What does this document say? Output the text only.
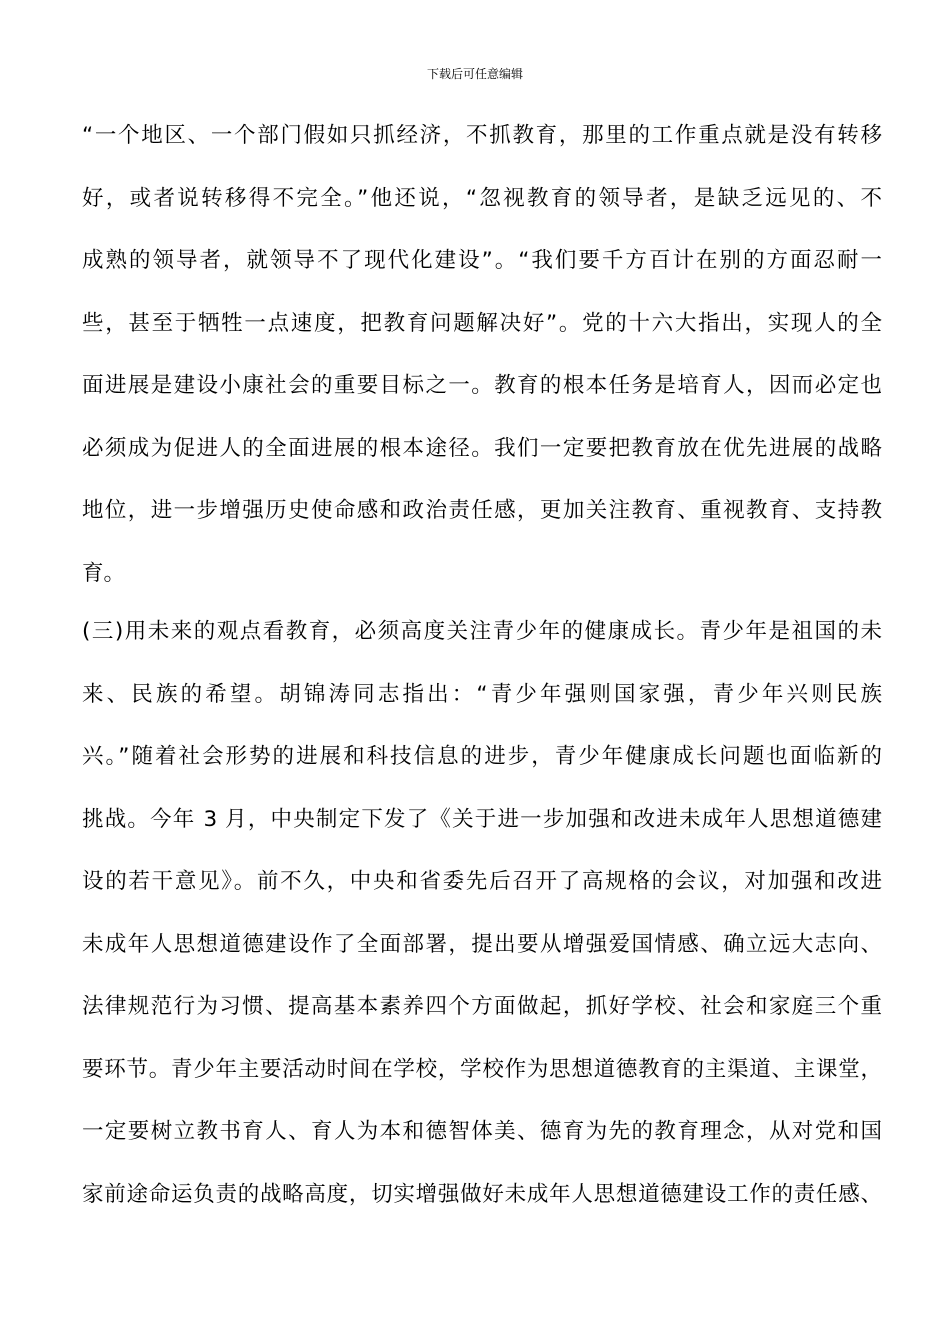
下载后可任意编辑
“一个地区、一个部门假如只抓经济，不抓教育，那里的工作重点就是没有转移
好，或者说转移得不完全。”他还说，“忽视教育的领导者，是缺乏远见的、不
成熟的领导者，就领导不了现代化建设”。“我们要千方百计在别的方面忍耐一
些，甚至于牺牲一点速度，把教育问题解决好”。党的十六大指出，实现人的全
面进展是建设小康社会的重要目标之一。教育的根本任务是培育人，因而必定也
必须成为促进人的全面进展的根本途径。我们一定要把教育放在优先进展的战略
地位，进一步增强历史使命感和政治责任感，更加关注教育、重视教育、支持教
育。
(三)用未来的观点看教育，必须高度关注青少年的健康成长。青少年是祖国的未
来、民族的希望。胡锦涛同志指出：“青少年强则国家强，青少年兴则民族
兴。”随着社会形势的进展和科技信息的进步，青少年健康成长问题也面临新的
挑战。今年 3 月，中央制定下发了《关于进一步加强和改进未成年人思想道德建
设的若干意见》。前不久，中央和省委先后召开了高规格的会议，对加强和改进
未成年人思想道德建设作了全面部署，提出要从增强爱国情感、确立远大志向、
法律规范行为习惯、提高基本素养四个方面做起，抓好学校、社会和家庭三个重
要环节。青少年主要活动时间在学校，学校作为思想道德教育的主渠道、主课堂，
一定要树立教书育人、育人为本和德智体美、德育为先的教育理念，从对党和国
家前途命运负责的战略高度，切实增强做好未成年人思想道德建设工作的责任感、
